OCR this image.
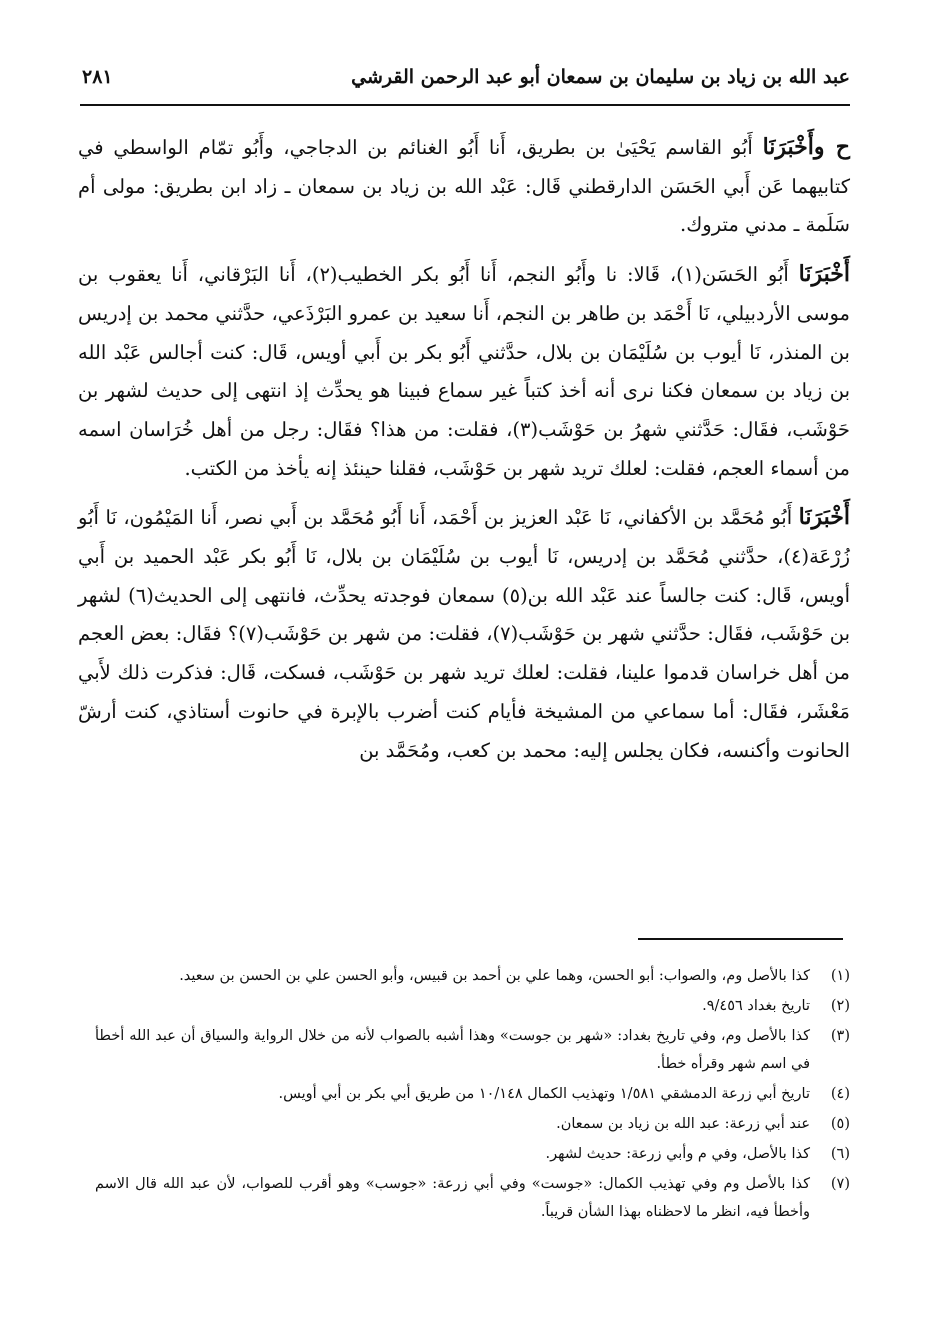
عبد الله بن زياد بن سليمان بن سمعان أبو عبد الرحمن القرشي
٢٨١

ح وأَخْبَرَنَا أَبُو القاسم يَحْيَىٰ بن بطريق، أَنا أَبُو الغنائم بن الدجاجي، وأَبُو تمّام الواسطي في كتابيهما عَن أَبي الحَسَن الدارقطني قَال: عَبْد الله بن زياد بن سمعان ـ زاد ابن بطريق: مولى أم سَلَمة ـ مدني متروك.

أَخْبَرَنَا أَبُو الحَسَن(١)، قَالا: نا وأَبُو النجم، أَنا أَبُو بكر الخطيب(٢)، أَنا البَرْقاني، أَنا يعقوب بن موسى الأردبيلي، نَا أَحْمَد بن طاهر بن النجم، أَنا سعيد بن عمرو البَرْذَعي، حدَّثني محمد بن إدريس بن المنذر، نَا أيوب بن سُلَيْمَان بن بلال، حدَّثني أَبُو بكر بن أَبي أويس، قَال: كنت أجالس عَبْد الله بن زياد بن سمعان فكنا نرى أنه أخذ كتباً غير سماع فبينا هو يحدِّث إذ انتهى إلى حديث لشهر بن حَوْشَب، فقَال: حَدَّثني شهرُ بن حَوْشَب(٣)، فقلت: من هذا؟ فقَال: رجل من أهل خُرَاسان اسمه من أسماء العجم، فقلت: لعلك تريد شهر بن حَوْشَب، فقلنا حينئذ إنه يأخذ من الكتب.

أَخْبَرَنَا أَبُو مُحَمَّد بن الأكفاني، نَا عَبْد العزيز بن أَحْمَد، أَنا أَبُو مُحَمَّد بن أَبي نصر، أَنا المَيْمُون، نَا أَبُو زُرْعَة(٤)، حدَّثني مُحَمَّد بن إدريس، نَا أيوب بن سُلَيْمَان بن بلال، نَا أَبُو بكر عَبْد الحميد بن أَبي أويس، قَال: كنت جالساً عند عَبْد الله بن(٥) سمعان فوجدته يحدِّث، فانتهى إلى الحديث(٦) لشهر بن حَوْشَب، فقَال: حدَّثني شهر بن حَوْشَب(٧)، فقلت: من شهر بن حَوْشَب(٧)؟ فقَال: بعض العجم من أهل خراسان قدموا علينا، فقلت: لعلك تريد شهر بن حَوْشَب، فسكت، قَال: فذكرت ذلك لأَبي مَعْشَر، فقَال: أما سماعي من المشيخة فأيام كنت أضرب بالإبرة في حانوت أستاذي، كنت أرشّ الحانوت وأكنسه، فكان يجلس إليه: محمد بن كعب، ومُحَمَّد بن

(١)
كذا بالأصل وم، والصواب: أبو الحسن، وهما علي بن أحمد بن قبيس، وأبو الحسن علي بن الحسن بن سعيد.
(٢)
تاريخ بغداد ٩/٤٥٦.
(٣)
كذا بالأصل وم، وفي تاريخ بغداد: «شهر بن جوست» وهذا أشبه بالصواب لأنه من خلال الرواية والسياق أن عبد الله أخطأ في اسم شهر وقرأه خطأ.
(٤)
تاريخ أبي زرعة الدمشقي ١/٥٨١ وتهذيب الكمال ١٠/١٤٨ من طريق أبي بكر بن أبي أويس.
(٥)
عند أبي زرعة: عبد الله بن زياد بن سمعان.
(٦)
كذا بالأصل، وفي م وأبي زرعة: حديث لشهر.
(٧)
كذا بالأصل وم وفي تهذيب الكمال: «جوست» وفي أبي زرعة: «جوسب» وهو أقرب للصواب، لأن عبد الله قال الاسم وأخطأ فيه، انظر ما لاحظناه بهذا الشأن قريباً.
